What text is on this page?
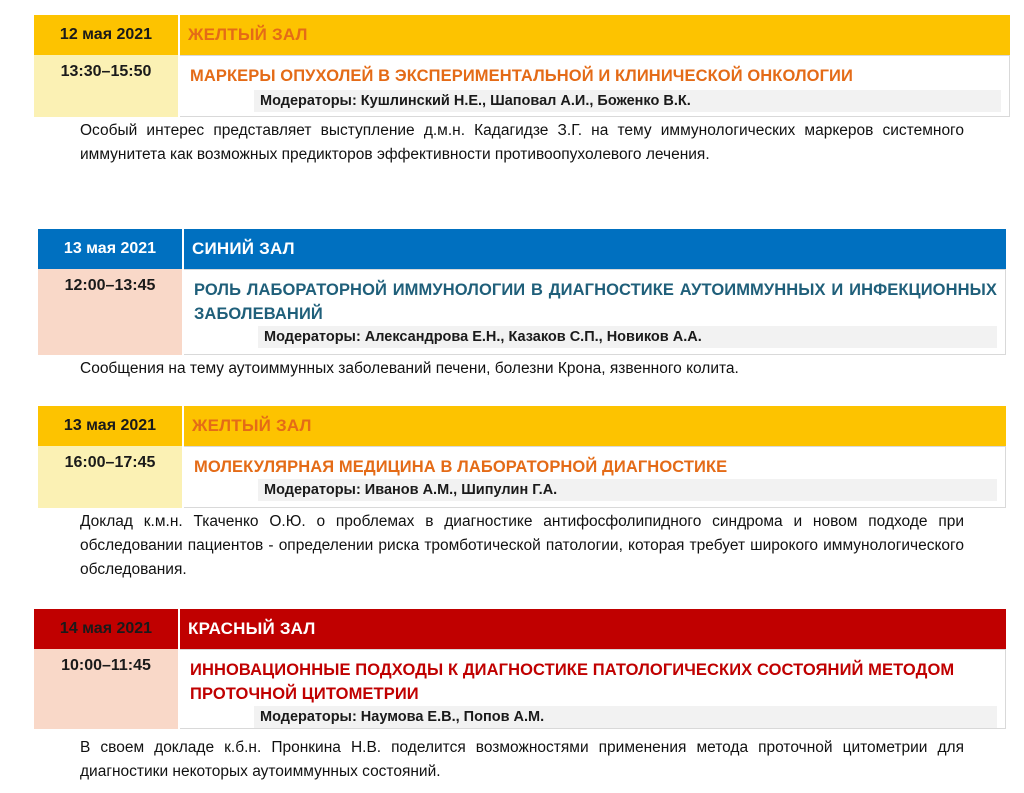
12 мая 2021	ЖЕЛТЫЙ ЗАЛ
13:30–15:50	МАРКЕРЫ ОПУХОЛЕЙ В ЭКСПЕРИМЕНТАЛЬНОЙ И КЛИНИЧЕСКОЙ ОНКОЛОГИИ
Модераторы: Кушлинский Н.Е., Шаповал А.И., Боженко В.К.
Особый интерес представляет выступление д.м.н. Кадагидзе З.Г. на тему иммунологических маркеров системного иммунитета как возможных предикторов эффективности противоопухолевого лечения.
13 мая 2021	СИНИЙ ЗАЛ
12:00–13:45	РОЛЬ ЛАБОРАТОРНОЙ ИММУНОЛОГИИ В ДИАГНОСТИКЕ АУТОИММУННЫХ И ИНФЕКЦИОННЫХ ЗАБОЛЕВАНИЙ
Модераторы: Александрова Е.Н., Казаков С.П., Новиков А.А.
Сообщения на тему аутоиммунных заболеваний печени, болезни Крона, язвенного колита.
13 мая 2021	ЖЕЛТЫЙ ЗАЛ
16:00–17:45	МОЛЕКУЛЯРНАЯ МЕДИЦИНА В ЛАБОРАТОРНОЙ ДИАГНОСТИКЕ
Модераторы: Иванов А.М., Шипулин Г.А.
Доклад к.м.н. Ткаченко О.Ю. о проблемах в диагностике антифосфолипидного синдрома и новом подходе при обследовании пациентов - определении риска тромботической патологии, которая требует широкого иммунологического обследования.
14 мая 2021	КРАСНЫЙ ЗАЛ
10:00–11:45	ИННОВАЦИОННЫЕ ПОДХОДЫ К ДИАГНОСТИКЕ ПАТОЛОГИЧЕСКИХ СОСТОЯНИЙ МЕТОДОМ ПРОТОЧНОЙ ЦИТОМЕТРИИ
Модераторы: Наумова Е.В., Попов А.М.
В своем докладе к.б.н. Пронкина Н.В. поделится возможностями применения метода проточной цитометрии для диагностики некоторых аутоиммунных состояний.
